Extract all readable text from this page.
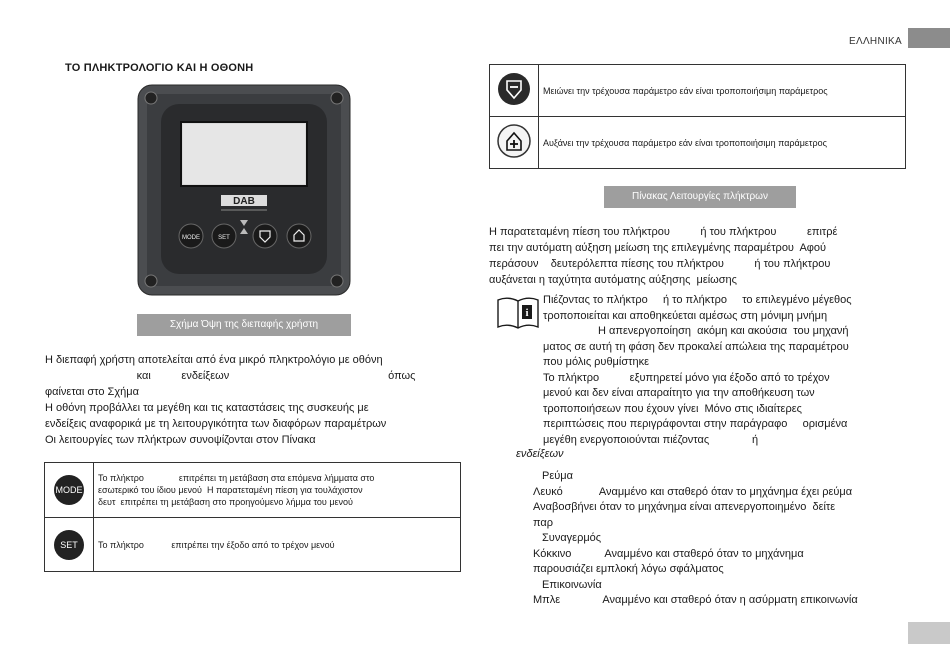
ΕΛΛΗΝΙΚΑ
ΤΟ ΠΛΗΚΤΡΟΛΟΓΙΟ ΚΑΙ Η ΟΘΟΝΗ
DAB
MODE	SET
Σχήμα Όψη της διεπαφής χρήστη

Η διεπαφή χρήστη αποτελείται από ένα μικρό πληκτρολόγιο με οθόνη

και          ενδείξεων                                                    όπως

φαίνεται στο Σχήμα

Η οθόνη προβάλλει τα μεγέθη και τις καταστάσεις της συσκευής με

ενδείξεις αναφορικά με τη λειτουργικότητα των διαφόρων παραμέτρων

Οι λειτουργίες των πλήκτρων συνοψίζονται στον Πίνακα

MODE	Το πλήκτρο              επιτρέπει τη μετάβαση στα επόμενα λήμματα στο
εσωτερικό του ίδιου μενού  Η παρατεταμένη πίεση για τουλάχιστον
δευτ  επιτρέπει τη μετάβαση στο προηγούμενο λήμμα του μενού

SET	Το πλήκτρο           επιτρέπει την έξοδο από το τρέχον μενού
	Μειώνει την τρέχουσα παράμετρο εάν είναι τροποποιήσιμη παράμετρος
	Αυξάνει την τρέχουσα παράμετρο εάν είναι τροποποιήσιμη παράμετρος
Πίνακας Λειτουργίες πλήκτρων

Η παρατεταμένη πίεση του πλήκτρου          ή του πλήκτρου          επιτρέ

πει την αυτόματη αύξηση μείωση της επιλεγμένης παραμέτρου  Αφού

περάσουν    δευτερόλεπτα πίεσης του πλήκτρου          ή του πλήκτρου

αυξάνεται η ταχύτητα αυτόματης αύξησης  μείωσης

i

Πιέζοντας το πλήκτρο     ή το πλήκτρο     το επιλεγμένο μέγεθος

τροποποιείται και αποθηκεύεται αμέσως στη μόνιμη μνήμη

Η απενεργοποίηση  ακόμη και ακούσια  του μηχανή

ματος σε αυτή τη φάση δεν προκαλεί απώλεια της παραμέτρου

που μόλις ρυθμίστηκε

Το πλήκτρο          εξυπηρετεί μόνο για έξοδο από το τρέχον

μενού και δεν είναι απαραίτητο για την αποθήκευση των

τροποποιήσεων που έχουν γίνει  Μόνο στις ιδιαίτερες

περιπτώσεις που περιγράφονται στην παράγραφο     ορισμένα

μεγέθη ενεργοποιούνται πιέζοντας              ή

ενδείξεων

Ρεύμα

Λευκό            Αναμμένο και σταθερό όταν το μηχάνημα έχει ρεύμα

Αναβοσβήνει όταν το μηχάνημα είναι απενεργοποιημένο  δείτε

παρ

Συναγερμός

Κόκκινο           Αναμμένο και σταθερό όταν το μηχάνημα

παρουσιάζει εμπλοκή λόγω σφάλματος

Επικοινωνία

Μπλε              Αναμμένο και σταθερό όταν η ασύρματη επικοινωνία
